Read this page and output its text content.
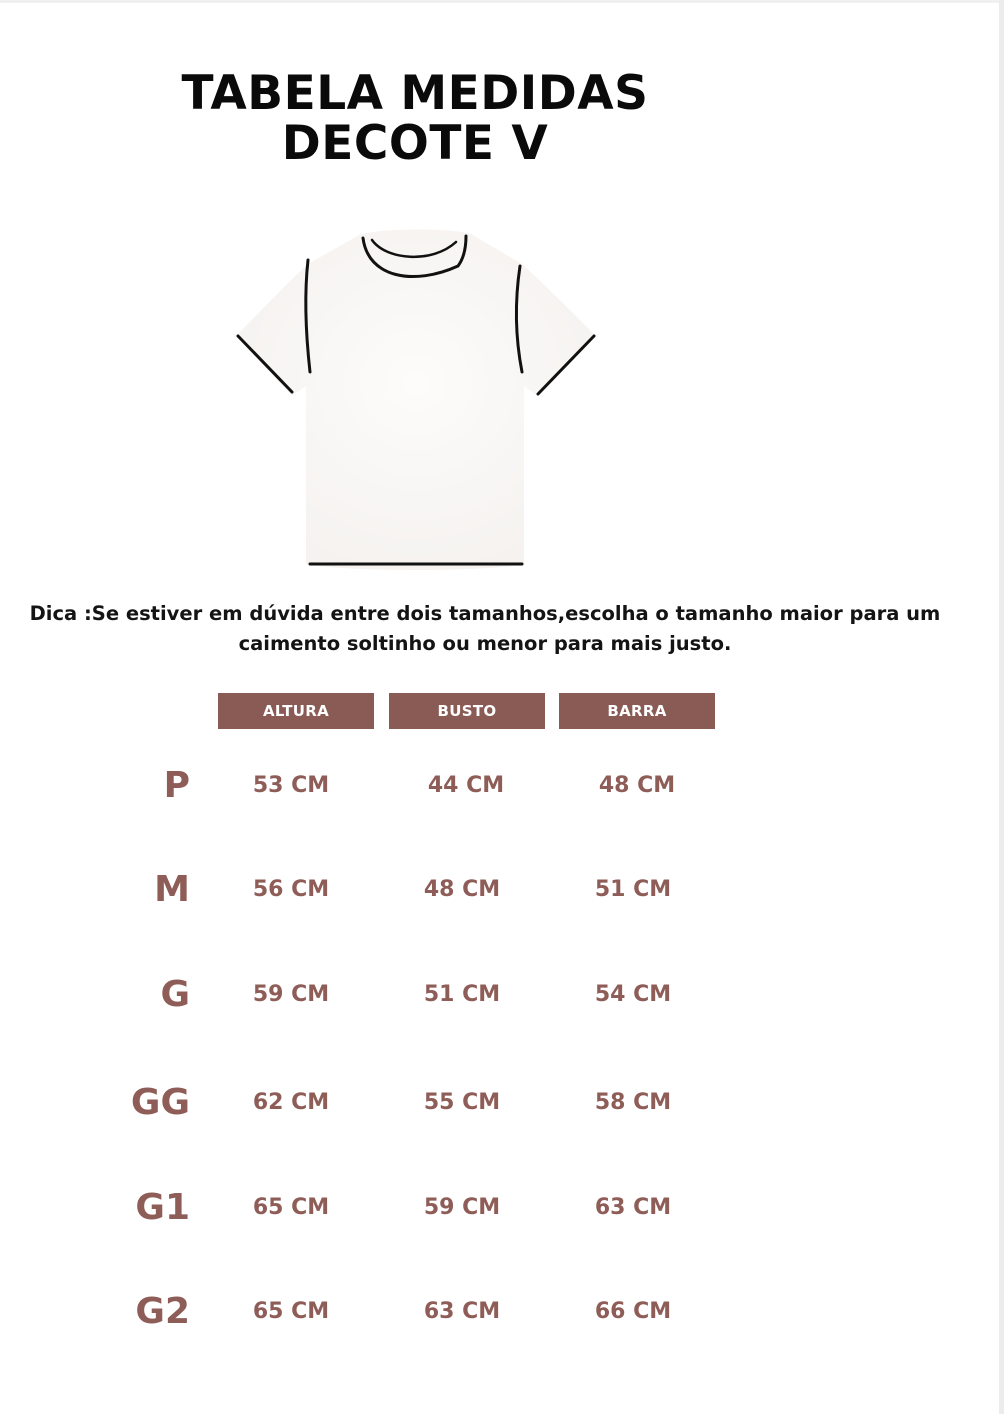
TABELA MEDIDAS
DECOTE V
Dica :Se estiver em dúvida entre dois tamanhos,escolha o tamanho maior para um
caimento soltinho ou menor para mais justo.
ALTURA	BUSTO	BARRA
P	53 CM	44 CM	48 CM
M	56 CM	48 CM	51 CM
G	59 CM	51 CM	54 CM
GG	62 CM	55 CM	58 CM
G1	65 CM	59 CM	63 CM
G2	65 CM	63 CM	66 CM
